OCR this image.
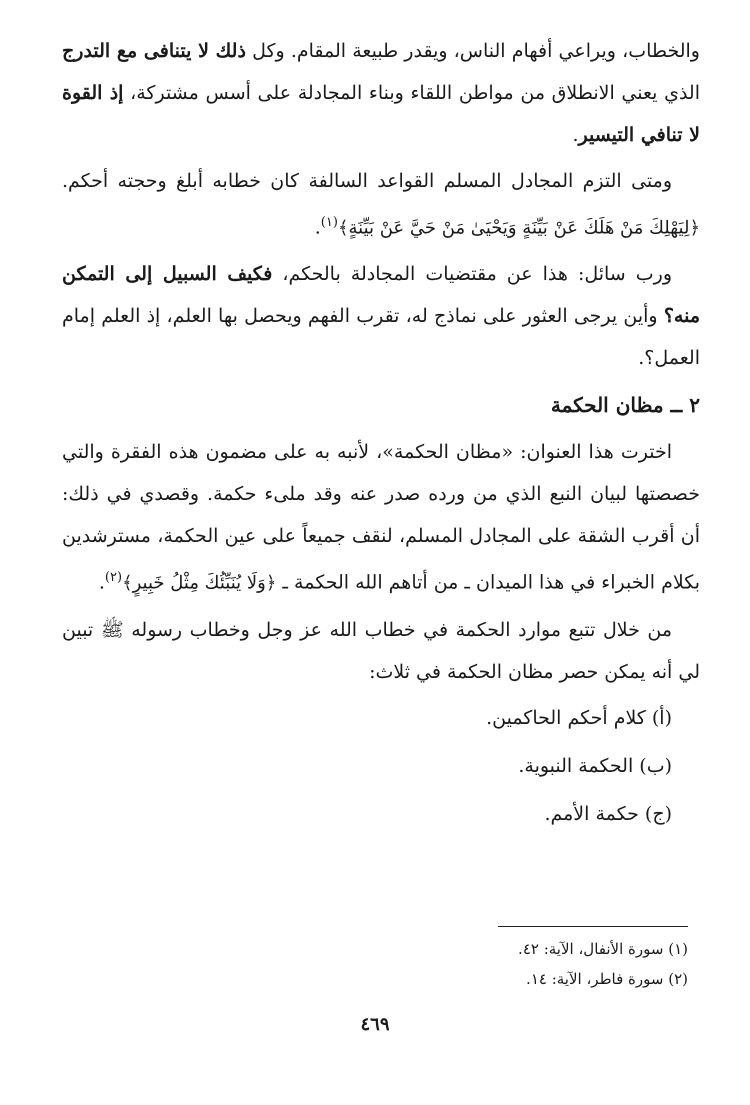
والخطاب، ويراعي أفهام الناس، ويقدر طبيعة المقام. وكل ذلك لا يتنافى مع التدرج الذي يعني الانطلاق من مواطن اللقاء وبناء المجادلة على أسس مشتركة، إذ القوة لا تنافي التيسير.

ومتى التزم المجادل المسلم القواعد السالفة كان خطابه أبلغ وحجته أحكم. ﴿لِيَهْلِكَ مَنْ هَلَكَ عَنْ بَيِّنَةٍ وَيَحْيَىٰ مَنْ حَيَّ عَنْ بَيِّنَةٍ﴾$^{(١)}$.

ورب سائل: هذا عن مقتضيات المجادلة بالحكم، فكيف السبيل إلى التمكن منه؟ وأين يرجى العثور على نماذج له، تقرب الفهم ويحصل بها العلم، إذ العلم إمام العمل؟.

٢ ــ مظان الحكمة

اخترت هذا العنوان: «مظان الحكمة»، لأنبه به على مضمون هذه الفقرة والتي خصصتها لبيان النبع الذي من ورده صدر عنه وقد ملىء حكمة. وقصدي في ذلك: أن أقرب الشقة على المجادل المسلم، لنقف جميعاً على عين الحكمة، مسترشدين بكلام الخبراء في هذا الميدان ـ من أتاهم الله الحكمة ـ ﴿وَلَا يُنَبِّئُكَ مِثْلُ خَبِيرٍ﴾$^{(٢)}$.

من خلال تتبع موارد الحكمة في خطاب الله عز وجل وخطاب رسوله ﷺ تبين لي أنه يمكن حصر مظان الحكمة في ثلاث:

(أ) كلام أحكم الحاكمين.
(ب) الحكمة النبوية.
(ج) حكمة الأمم.
(١) سورة الأنفال، الآية: ٤٢.
(٢) سورة فاطر، الآية: ١٤.
٤٦٩
